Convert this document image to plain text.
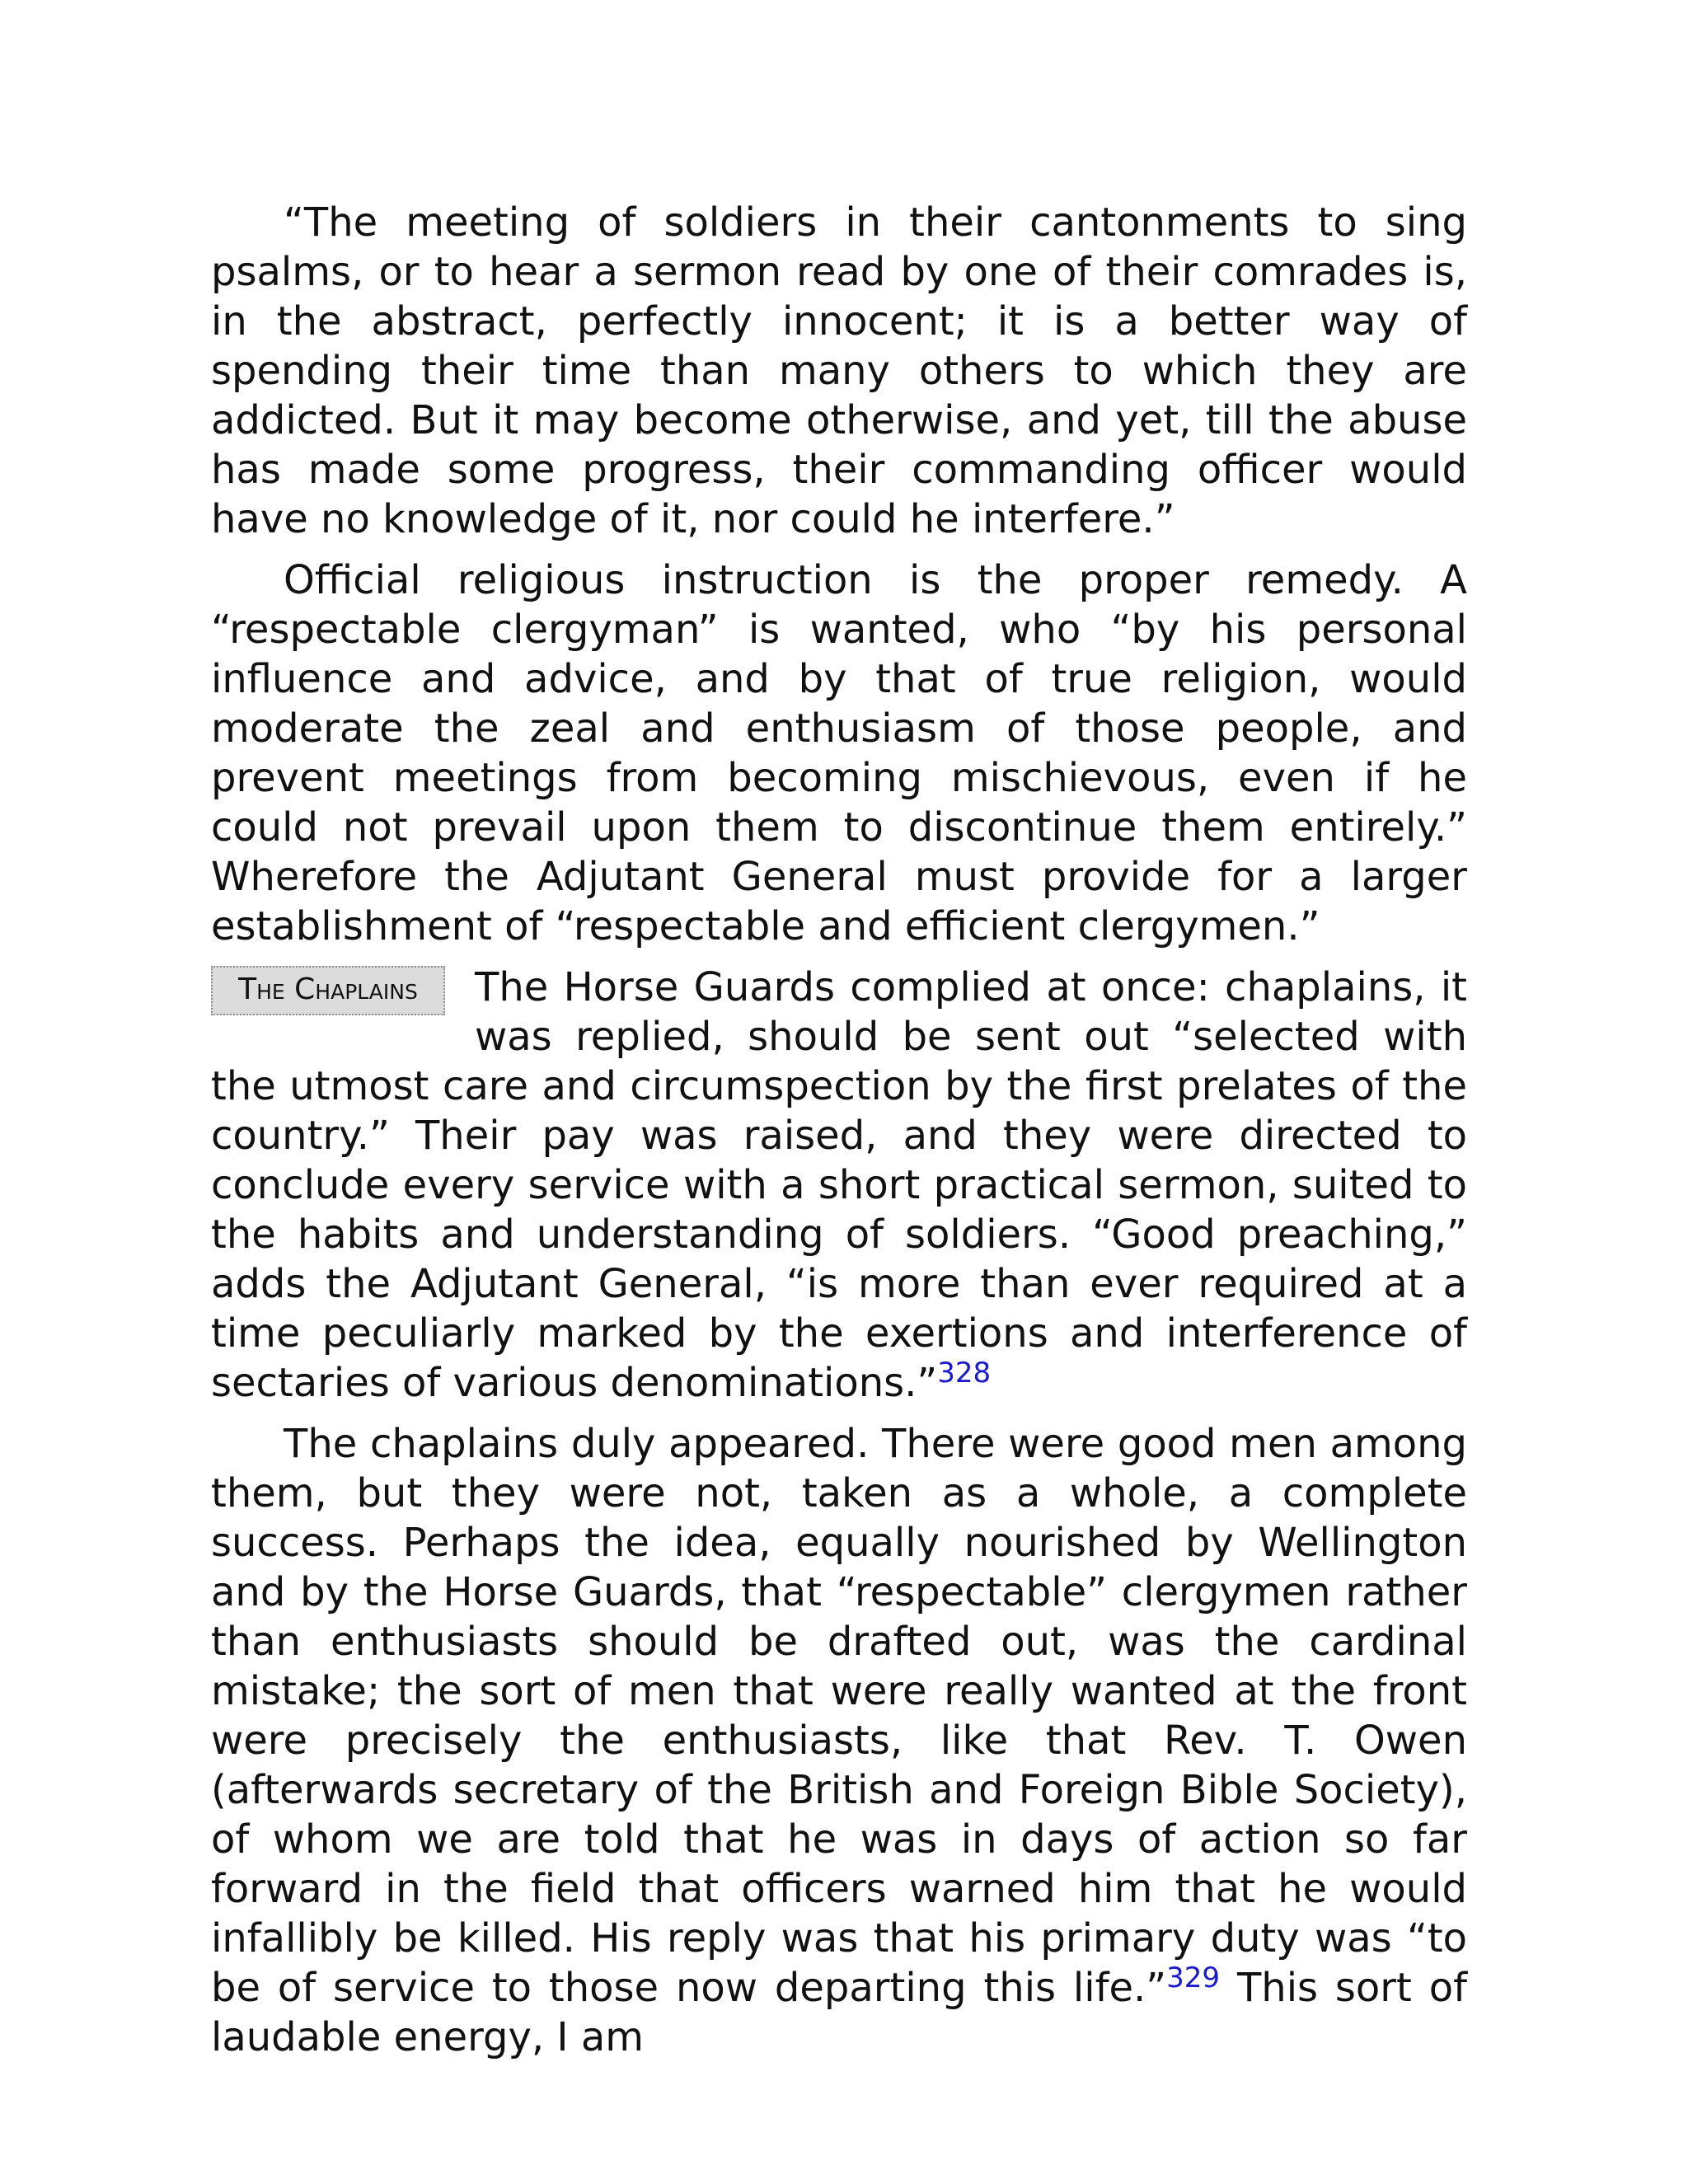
“The meeting of soldiers in their cantonments to sing psalms, or to hear a sermon read by one of their comrades is, in the abstract, perfectly innocent; it is a better way of spending their time than many others to which they are addicted. But it may become otherwise, and yet, till the abuse has made some progress, their commanding officer would have no knowledge of it, nor could he interfere.”

Official religious instruction is the proper remedy. A “respectable clergyman” is wanted, who “by his personal influence and advice, and by that of true religion, would moderate the zeal and enthusiasm of those people, and prevent meetings from becoming mischievous, even if he could not prevail upon them to discontinue them entirely.” Wherefore the Adjutant General must provide for a larger establishment of “respectable and efficient clergymen.”

The Chaplains	The Horse Guards complied at once: chaplains, it was replied, should be sent out “selected with the utmost care and circumspection by the first prelates of the country.” Their pay was raised, and they were directed to conclude every service with a short practical sermon, suited to the habits and understanding of soldiers. “Good preaching,” adds the Adjutant General, “is more than ever required at a time peculiarly marked by the exertions and interference of sectaries of various denominations.”$^{328}$

The chaplains duly appeared. There were good men among them, but they were not, taken as a whole, a complete success. Perhaps the idea, equally nourished by Wellington and by the Horse Guards, that “respectable” clergymen rather than enthusiasts should be drafted out, was the cardinal mistake; the sort of men that were really wanted at the front were precisely the enthusiasts, like that Rev. T. Owen (afterwards secretary of the British and Foreign Bible Society), of whom we are told that he was in days of action so far forward in the field that officers warned him that he would infallibly be killed. His reply was that his primary duty was “to be of service to those now departing this life.”$^{329}$ This sort of laudable energy, I am
